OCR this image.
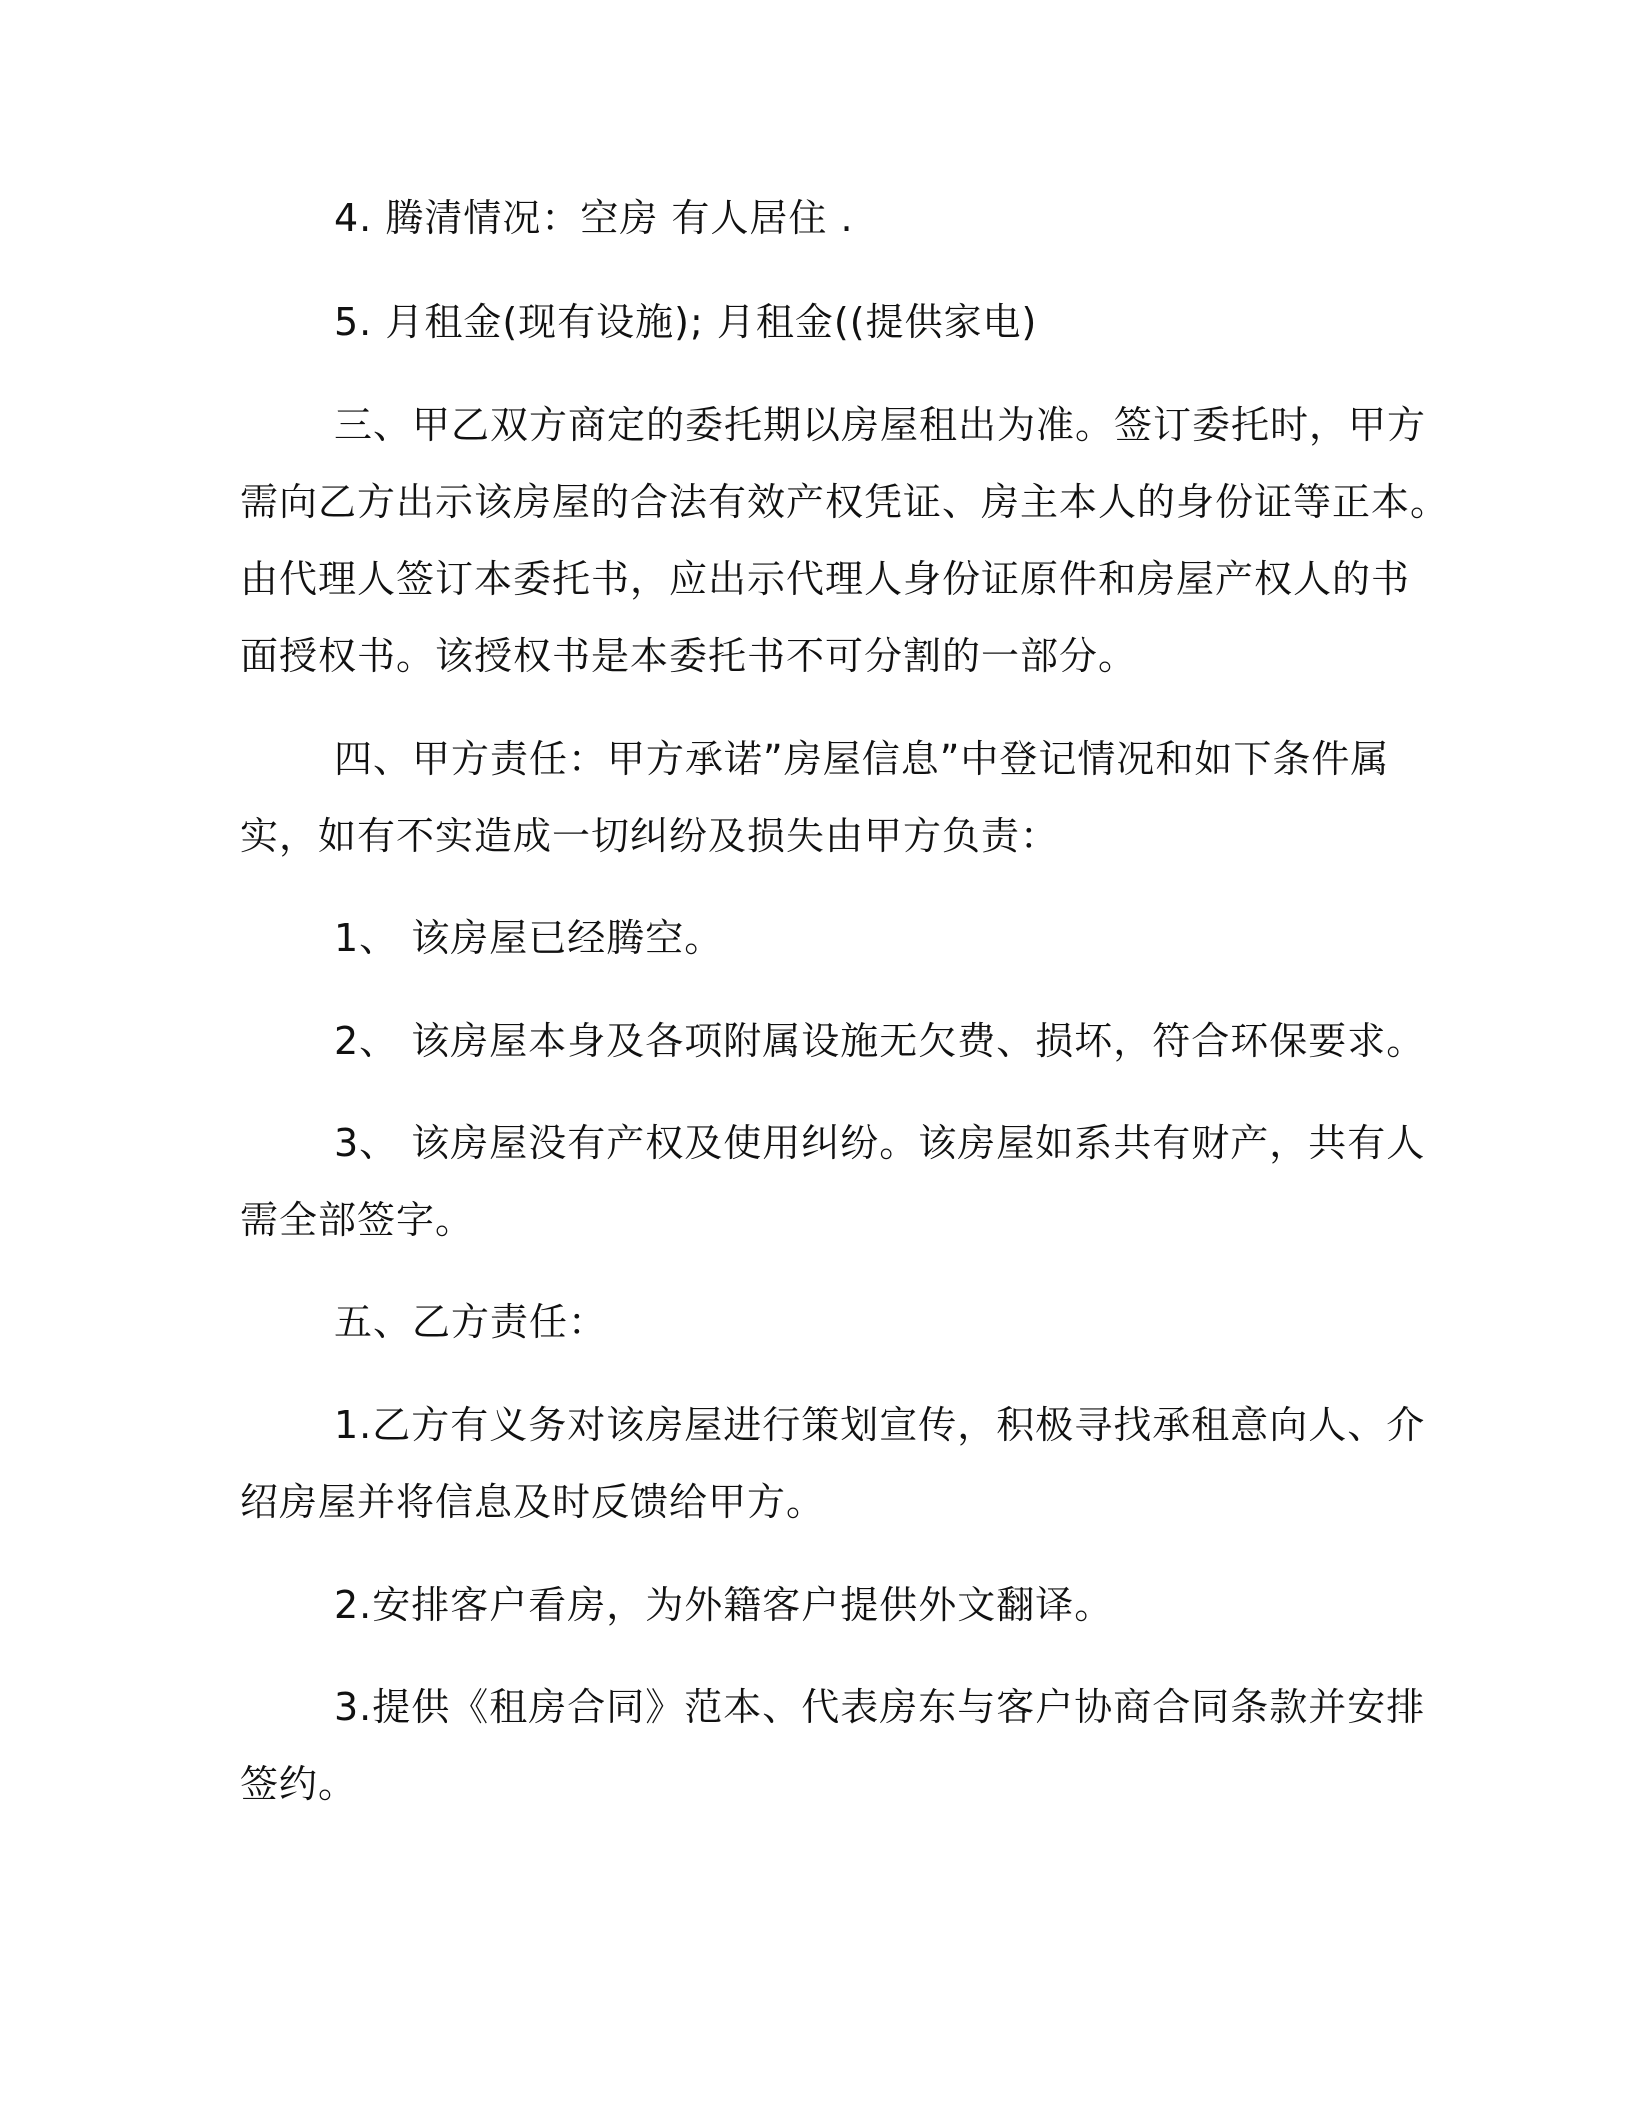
4. 腾清情况：空房 有人居住 .
5. 月租金(现有设施); 月租金((提供家电)
三、甲乙双方商定的委托期以房屋租出为准。签订委托时，甲方
需向乙方出示该房屋的合法有效产权凭证、房主本人的身份证等正本。
由代理人签订本委托书，应出示代理人身份证原件和房屋产权人的书
面授权书。该授权书是本委托书不可分割的一部分。
四、甲方责任：甲方承诺”房屋信息”中登记情况和如下条件属
实，如有不实造成一切纠纷及损失由甲方负责：
1、 该房屋已经腾空。
2、 该房屋本身及各项附属设施无欠费、损坏，符合环保要求。
3、 该房屋没有产权及使用纠纷。该房屋如系共有财产，共有人
需全部签字。
五、乙方责任：
1.乙方有义务对该房屋进行策划宣传，积极寻找承租意向人、介
绍房屋并将信息及时反馈给甲方。
2.安排客户看房，为外籍客户提供外文翻译。
3.提供《租房合同》范本、代表房东与客户协商合同条款并安排
签约。
